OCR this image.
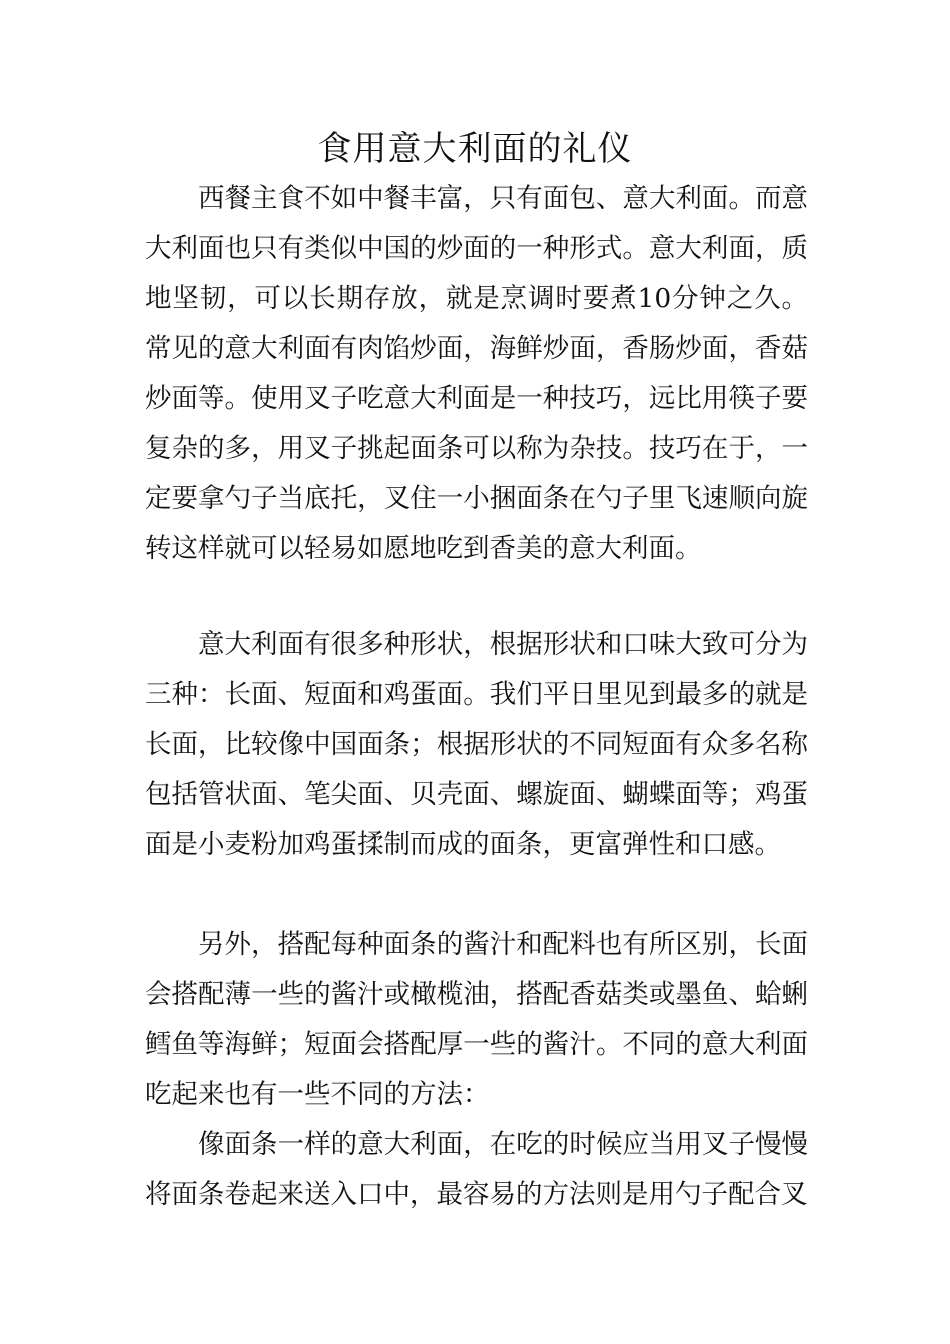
食用意大利面的礼仪

西餐主食不如中餐丰富，只有面包、意大利面。而意大利面也只有类似中国的炒面的一种形式。意大利面，质地坚韧，可以长期存放，就是烹调时要煮10分钟之久。常见的意大利面有肉馅炒面，海鲜炒面，香肠炒面，香菇炒面等。使用叉子吃意大利面是一种技巧，远比用筷子要复杂的多，用叉子挑起面条可以称为杂技。技巧在于，一定要拿勺子当底托，叉住一小捆面条在勺子里飞速顺向旋转这样就可以轻易如愿地吃到香美的意大利面。

意大利面有很多种形状，根据形状和口味大致可分为三种：长面、短面和鸡蛋面。我们平日里见到最多的就是长面，比较像中国面条；根据形状的不同短面有众多名称包括管状面、笔尖面、贝壳面、螺旋面、蝴蝶面等；鸡蛋面是小麦粉加鸡蛋揉制而成的面条，更富弹性和口感。

另外，搭配每种面条的酱汁和配料也有所区别，长面会搭配薄一些的酱汁或橄榄油，搭配香菇类或墨鱼、蛤蜊鳕鱼等海鲜；短面会搭配厚一些的酱汁。不同的意大利面吃起来也有一些不同的方法：

像面条一样的意大利面，在吃的时候应当用叉子慢慢将面条卷起来送入口中，最容易的方法则是用勺子配合叉
